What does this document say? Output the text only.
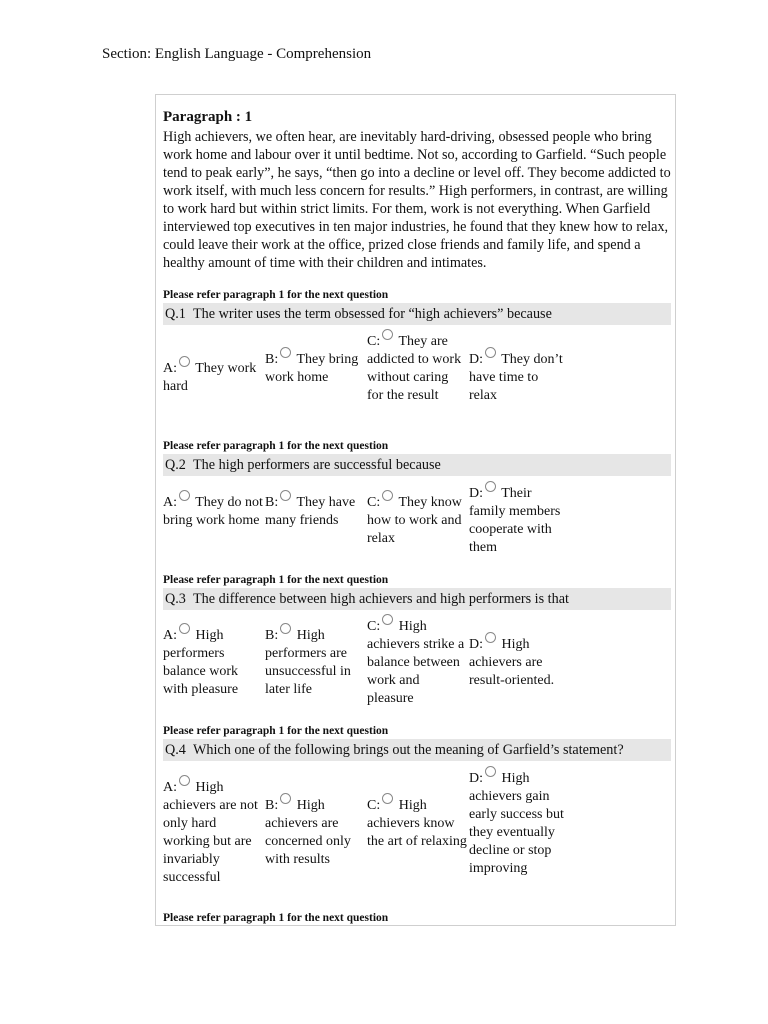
Section: English Language - Comprehension
Paragraph : 1
High achievers, we often hear, are inevitably hard-driving, obsessed people who bring work home and labour over it until bedtime. Not so, according to Garfield. “Such people tend to peak early”, he says, “then go into a decline or level off. They become addicted to work itself, with much less concern for results.” High performers, in contrast, are willing to work hard but within strict limits. For them, work is not everything. When Garfield interviewed top executives in ten major industries, he found that they knew how to relax, could leave their work at the office, prized close friends and family life, and spend a healthy amount of time with their children and intimates.
Please refer paragraph 1 for the next question
Q.1 The writer uses the term obsessed for “high achievers” because
A: They work hard
B: They bring work home
C: They are addicted to work without caring for the result
D: They don’t have time to relax
Please refer paragraph 1 for the next question
Q.2 The high performers are successful because
A: They do not bring work home
B: They have many friends
C: They know how to work and relax
D: Their family members cooperate with them
Please refer paragraph 1 for the next question
Q.3 The difference between high achievers and high performers is that
A: High performers balance work with pleasure
B: High performers are unsuccessful in later life
C: High achievers strike a balance between work and pleasure
D: High achievers are result-oriented.
Please refer paragraph 1 for the next question
Q.4 Which one of the following brings out the meaning of Garfield’s statement?
A: High achievers are not only hard working but are invariably successful
B: High achievers are concerned only with results
C: High achievers know the art of relaxing
D: High achievers gain early success but they eventually decline or stop improving
Please refer paragraph 1 for the next question
